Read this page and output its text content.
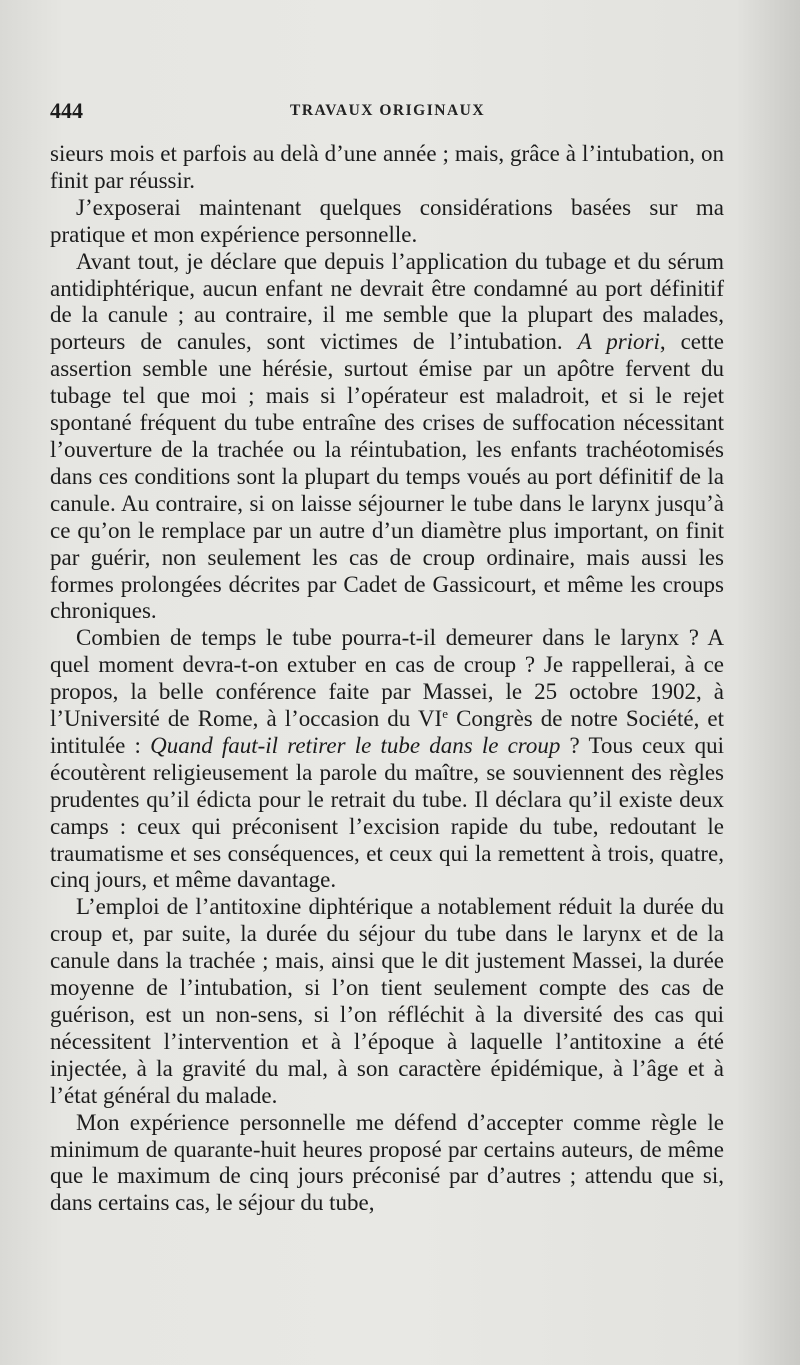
444	TRAVAUX ORIGINAUX

sieurs mois et parfois au delà d’une année ; mais, grâce à l’intubation, on finit par réussir.

J’exposerai maintenant quelques considérations basées sur ma pratique et mon expérience personnelle.

Avant tout, je déclare que depuis l’application du tubage et du sérum antidiphtérique, aucun enfant ne devrait être condamné au port définitif de la canule ; au contraire, il me semble que la plupart des malades, porteurs de canules, sont victimes de l’intubation. A priori, cette assertion semble une hérésie, surtout émise par un apôtre fervent du tubage tel que moi ; mais si l’opérateur est maladroit, et si le rejet spontané fréquent du tube entraîne des crises de suffocation nécessitant l’ouverture de la trachée ou la réintubation, les enfants trachéotomisés dans ces conditions sont la plupart du temps voués au port définitif de la canule. Au contraire, si on laisse séjourner le tube dans le larynx jusqu’à ce qu’on le remplace par un autre d’un diamètre plus important, on finit par guérir, non seulement les cas de croup ordinaire, mais aussi les formes prolongées décrites par Cadet de Gassicourt, et même les croups chroniques.

Combien de temps le tube pourra-t-il demeurer dans le larynx ? A quel moment devra-t-on extuber en cas de croup ? Je rappellerai, à ce propos, la belle conférence faite par Massei, le 25 octobre 1902, à l’Université de Rome, à l’occasion du VIe Congrès de notre Société, et intitulée : Quand faut-il retirer le tube dans le croup ? Tous ceux qui écoutèrent religieusement la parole du maître, se souviennent des règles prudentes qu’il édicta pour le retrait du tube. Il déclara qu’il existe deux camps : ceux qui préconisent l’excision rapide du tube, redoutant le traumatisme et ses conséquences, et ceux qui la remettent à trois, quatre, cinq jours, et même davantage.

L’emploi de l’antitoxine diphtérique a notablement réduit la durée du croup et, par suite, la durée du séjour du tube dans le larynx et de la canule dans la trachée ; mais, ainsi que le dit justement Massei, la durée moyenne de l’intubation, si l’on tient seulement compte des cas de guérison, est un non-sens, si l’on réfléchit à la diversité des cas qui nécessitent l’intervention et à l’époque à laquelle l’antitoxine a été injectée, à la gravité du mal, à son caractère épidémique, à l’âge et à l’état général du malade.

Mon expérience personnelle me défend d’accepter comme règle le minimum de quarante-huit heures proposé par certains auteurs, de même que le maximum de cinq jours préconisé par d’autres ; attendu que si, dans certains cas, le séjour du tube,
